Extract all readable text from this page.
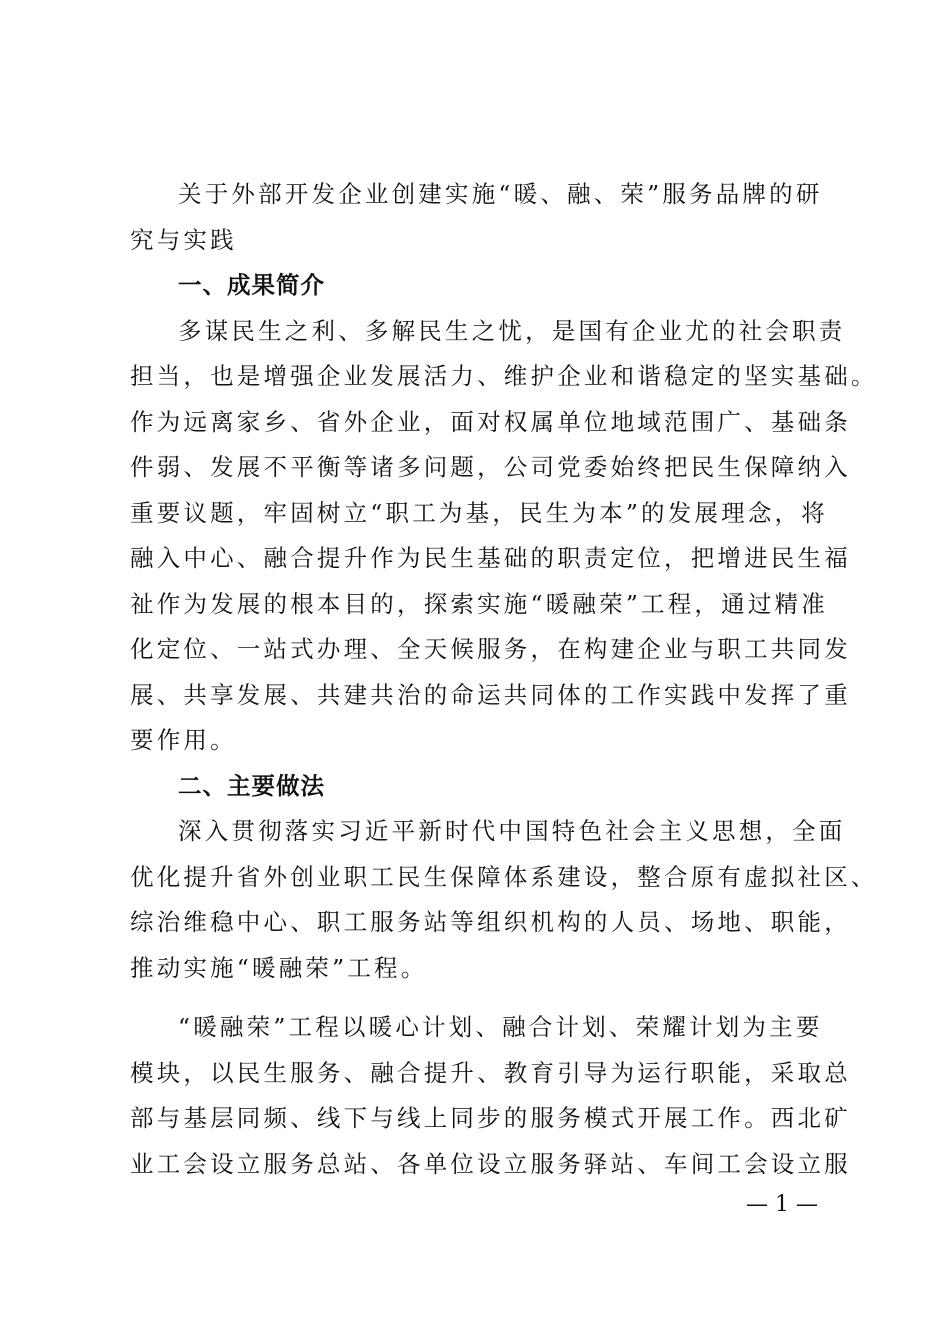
关于外部开发企业创建实施“暖、融、荣”服务品牌的研
究与实践
一、成果简介
多谋民生之利、多解民生之忧，是国有企业尤的社会职责
担当，也是增强企业发展活力、维护企业和谐稳定的坚实基础。
作为远离家乡、省外企业，面对权属单位地域范围广、基础条
件弱、发展不平衡等诸多问题，公司党委始终把民生保障纳入
重要议题，牢固树立“职工为基，民生为本”的发展理念，将
融入中心、融合提升作为民生基础的职责定位，把增进民生福
祉作为发展的根本目的，探索实施“暖融荣”工程，通过精准
化定位、一站式办理、全天候服务，在构建企业与职工共同发
展、共享发展、共建共治的命运共同体的工作实践中发挥了重
要作用。
二、主要做法
深入贯彻落实习近平新时代中国特色社会主义思想，全面
优化提升省外创业职工民生保障体系建设，整合原有虚拟社区、
综治维稳中心、职工服务站等组织机构的人员、场地、职能，
推动实施“暖融荣”工程。
“暖融荣”工程以暖心计划、融合计划、荣耀计划为主要
模块，以民生服务、融合提升、教育引导为运行职能，采取总
部与基层同频、线下与线上同步的服务模式开展工作。西北矿
业工会设立服务总站、各单位设立服务驿站、车间工会设立服
— 1 —
